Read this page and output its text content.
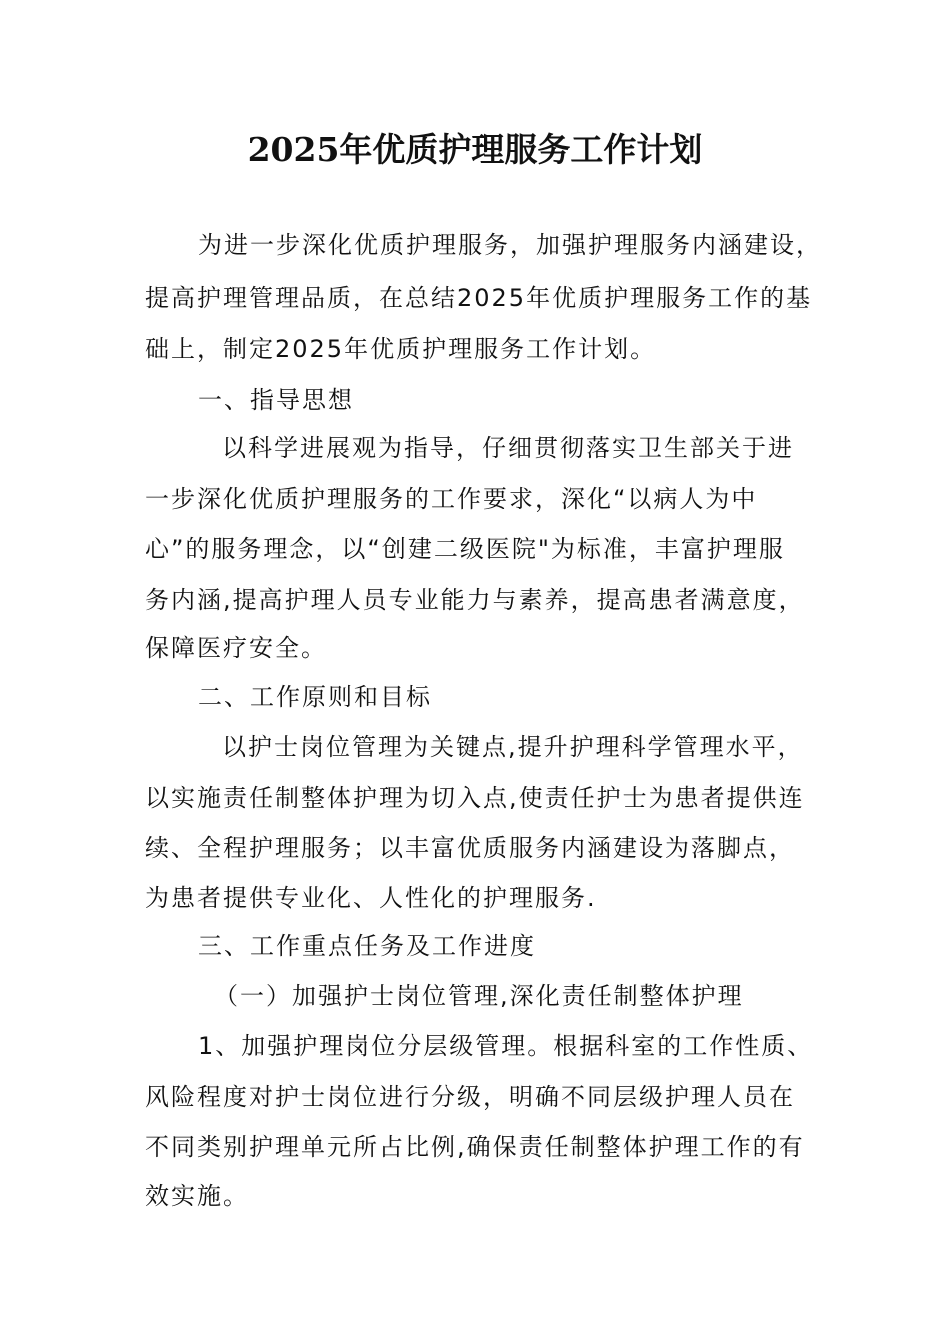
2025年优质护理服务工作计划
为进一步深化优质护理服务，加强护理服务内涵建设，
提高护理管理品质，在总结2025年优质护理服务工作的基
础上，制定2025年优质护理服务工作计划。
一、指导思想
以科学进展观为指导，仔细贯彻落实卫生部关于进
一步深化优质护理服务的工作要求，深化“以病人为中
心”的服务理念，以“创建二级医院"为标准，丰富护理服
务内涵,提高护理人员专业能力与素养，提高患者满意度，
保障医疗安全。
二、工作原则和目标
以护士岗位管理为关键点,提升护理科学管理水平，
以实施责任制整体护理为切入点,使责任护士为患者提供连
续、全程护理服务；以丰富优质服务内涵建设为落脚点，
为患者提供专业化、人性化的护理服务.
三、工作重点任务及工作进度
（一）加强护士岗位管理,深化责任制整体护理
1、加强护理岗位分层级管理。根据科室的工作性质、
风险程度对护士岗位进行分级，明确不同层级护理人员在
不同类别护理单元所占比例,确保责任制整体护理工作的有
效实施。
